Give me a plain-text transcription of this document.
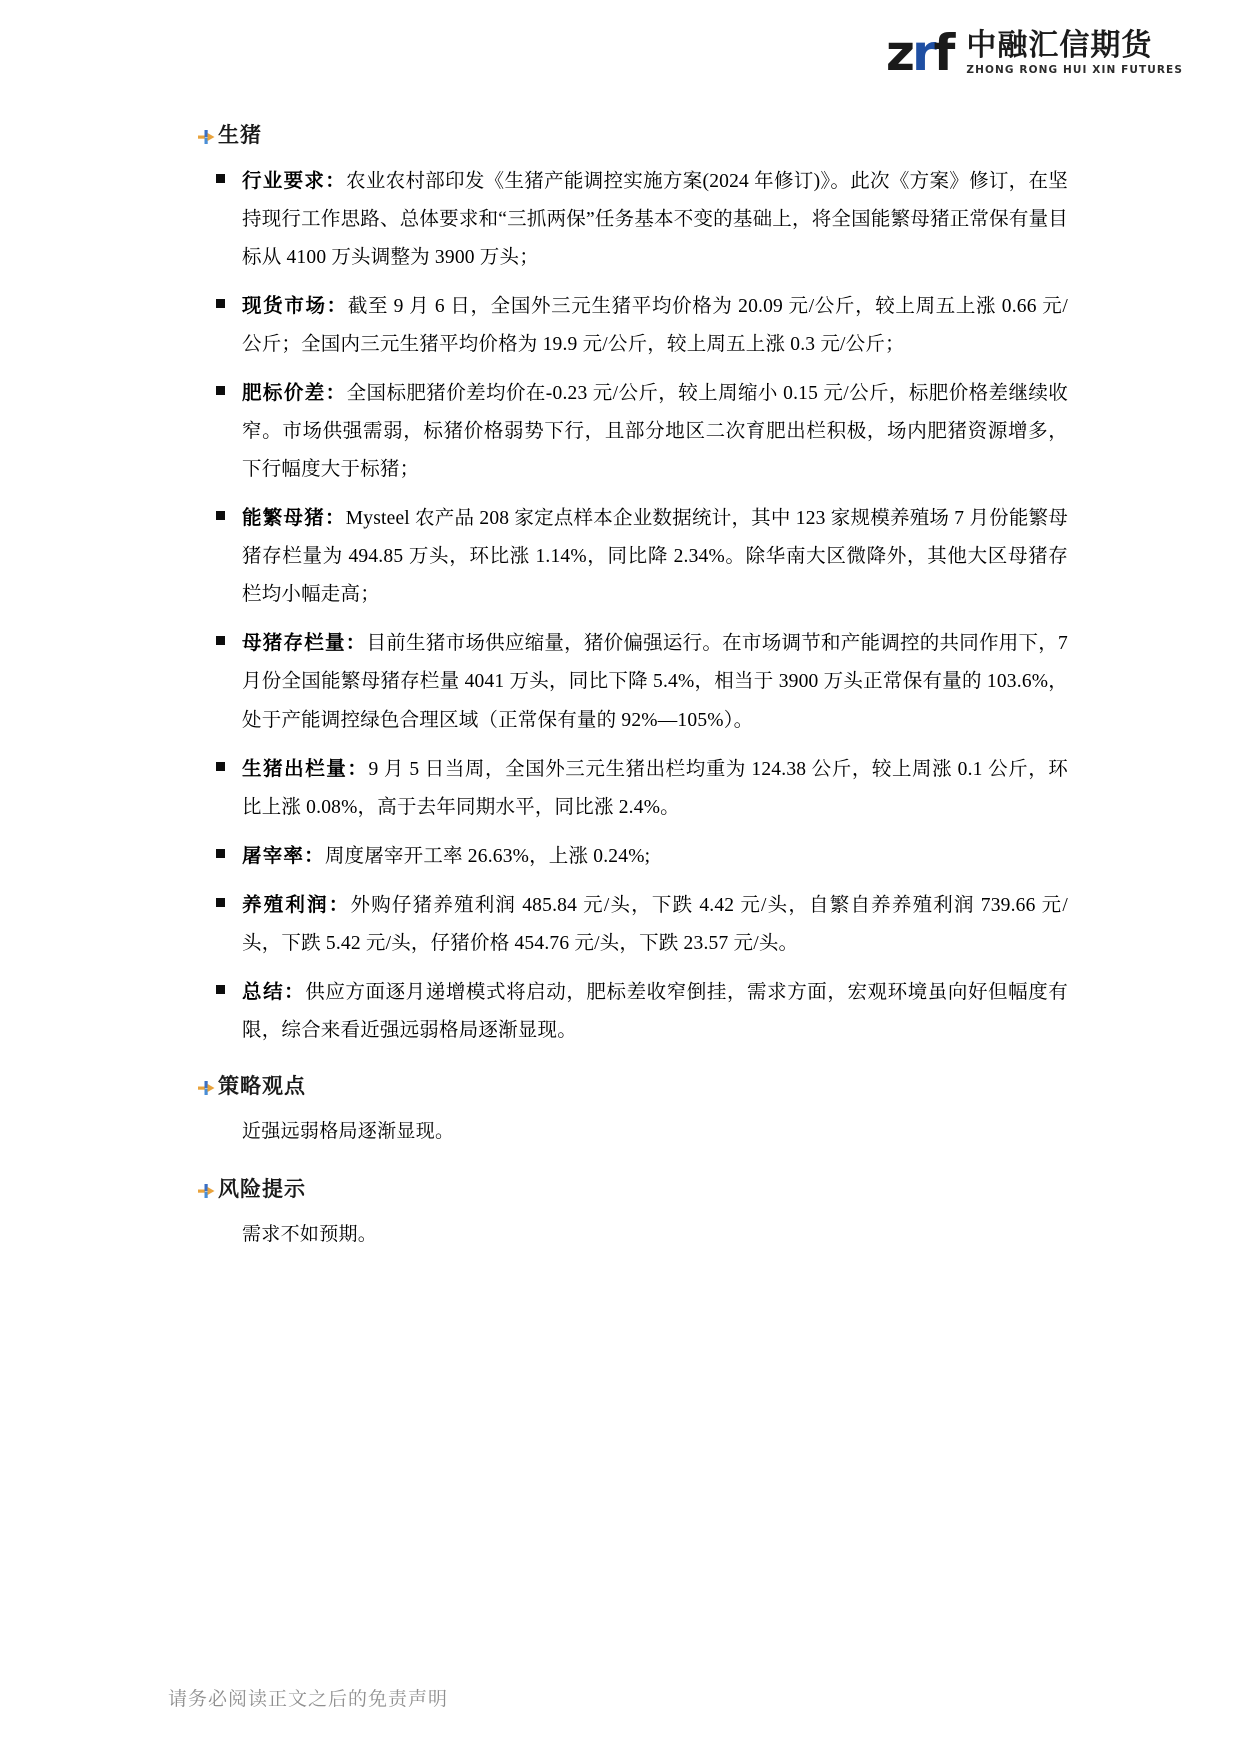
zrf 中融汇信期货
ZHONG RONG HUI XIN FUTURES
生猪
行业要求：农业农村部印发《生猪产能调控实施方案(2024 年修订)》。此次《方案》修订，在坚持现行工作思路、总体要求和“三抓两保”任务基本不变的基础上，将全国能繁母猪正常保有量目标从 4100 万头调整为 3900 万头；
现货市场：截至 9 月 6 日，全国外三元生猪平均价格为 20.09 元/公斤，较上周五上涨 0.66 元/公斤；全国内三元生猪平均价格为 19.9 元/公斤，较上周五上涨 0.3 元/公斤；
肥标价差：全国标肥猪价差均价在-0.23 元/公斤，较上周缩小 0.15 元/公斤，标肥价格差继续收窄。市场供强需弱，标猪价格弱势下行，且部分地区二次育肥出栏积极，场内肥猪资源增多，下行幅度大于标猪；
能繁母猪：Mysteel 农产品 208 家定点样本企业数据统计，其中 123 家规模养殖场 7 月份能繁母猪存栏量为 494.85 万头，环比涨 1.14%，同比降 2.34%。除华南大区微降外，其他大区母猪存栏均小幅走高；
母猪存栏量：目前生猪市场供应缩量，猪价偏强运行。在市场调节和产能调控的共同作用下，7 月份全国能繁母猪存栏量 4041 万头，同比下降 5.4%，相当于 3900 万头正常保有量的 103.6%，处于产能调控绿色合理区域（正常保有量的 92%—105%）。
生猪出栏量：9 月 5 日当周，全国外三元生猪出栏均重为 124.38 公斤，较上周涨 0.1 公斤，环比上涨 0.08%，高于去年同期水平，同比涨 2.4%。
屠宰率：周度屠宰开工率 26.63%，上涨 0.24%;
养殖利润：外购仔猪养殖利润 485.84 元/头，下跌 4.42 元/头，自繁自养养殖利润 739.66 元/头，下跌 5.42 元/头，仔猪价格 454.76 元/头，下跌 23.57 元/头。
总结：供应方面逐月递增模式将启动，肥标差收窄倒挂，需求方面，宏观环境虽向好但幅度有限，综合来看近强远弱格局逐渐显现。
策略观点
近强远弱格局逐渐显现。
风险提示
需求不如预期。
请务必阅读正文之后的免责声明
